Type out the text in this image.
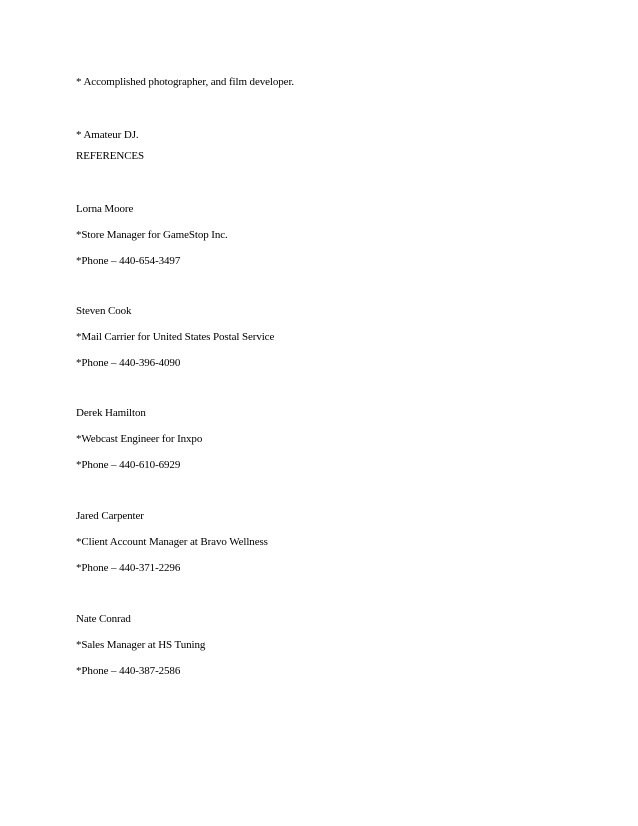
* Accomplished photographer, and film developer.
* Amateur DJ.
REFERENCES
Lorna Moore
*Store Manager for GameStop Inc.
*Phone – 440-654-3497
Steven Cook
*Mail Carrier for United States Postal Service
*Phone – 440-396-4090
Derek Hamilton
*Webcast Engineer for Inxpo
*Phone – 440-610-6929
Jared Carpenter
*Client Account Manager at Bravo Wellness
*Phone – 440-371-2296
Nate Conrad
*Sales Manager at HS Tuning
*Phone – 440-387-2586
